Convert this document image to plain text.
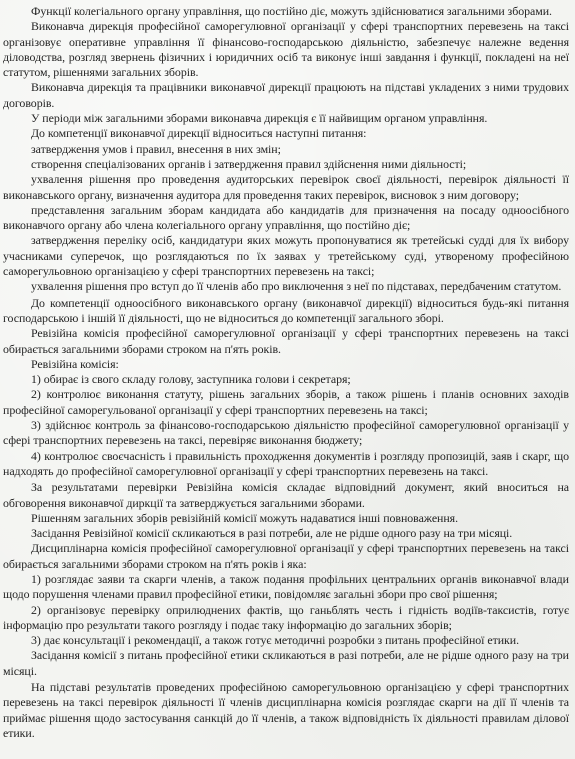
Функції колегіального органу управління, що постійно діє, можуть здійснюватися загальними зборами.

Виконавча дирекція професійної саморегулювної організації у сфері транспортних перевезень на таксі організовує оперативне управління її фінансово-господарською діяльністю, забезпечує належне ведення діловодства, розгляд звернень фізичних і юридичних осіб та виконує інші завдання і функції, покладені на неї статутом, рішеннями загальних зборів.

Виконавча дирекція та працівники виконавчої дирекції працюють на підставі укладених з ними трудових договорів.

У періоди між загальними зборами виконавча дирекція є її найвищим органом управління.

До компетенції виконавчої дирекції відноситься наступні питання:

затвердження умов і правил, внесення в них змін;

створення спеціалізованих органів і затвердження правил здійснення ними діяльності;

ухвалення рішення про проведення аудиторських перевірок своєї діяльності, перевірок діяльності її виконавського органу, визначення аудитора для проведення таких перевірок, висновок з ним договору;

представлення загальним зборам кандидата або кандидатів для призначення на посаду одноосібного виконавчого органу або члена колегіального органу управління, що постійно діє;

затвердження переліку осіб, кандидатури яких можуть пропонуватися як третейські судді для їх вибору учасниками суперечок, що розглядаються по їх заявах у третейському суді, утвореному професійною саморегульовною організацією у сфері транспортних перевезень на таксі;

ухвалення рішення про вступ до її членів або про виключення з неї по підставах, передбаченим статутом.

До компетенції одноосібного виконавського органу (виконавчої дирекції) відноситься будь-які питання господарською і іншій її діяльності, що не відноситься до компетенції загального зборі.

Ревізійна комісія професійної саморегулювної організації у сфері транспортних перевезень на таксі обирається загальними зборами строком на п'ять років.

Ревізійна комісія:

1) обирає із свого складу голову, заступника голови і секретаря;

2) контролює виконання статуту, рішень загальних зборів, а також рішень і планів основних заходів професійної саморегульованої організації у сфері транспортних перевезень на таксі;

3) здійснює контроль за фінансово-господарською діяльністю професійної саморегулювної організації у сфері транспортних перевезень на таксі, перевіряє виконання бюджету;

4) контролює своєчасність і правильність проходження документів і розгляду пропозицій, заяв і скарг, що надходять до професійної саморегулювної організації у сфері транспортних перевезень на таксі.

За результатами перевірки Ревізійна комісія складає відповідний документ, який вноситься на обговорення виконавчої диркції та затверджується загальними зборами.

Рішенням загальних зборів ревізійній комісії можуть надаватися інші повноваження.

Засідання Ревізійної комісії скликаються в разі потреби, але не рідше одного разу на три місяці.

Дисциплінарна комісія професійної саморегулювної організації у сфері транспортних перевезень на таксі обирається загальними зборами строком на п'ять років і яка:

1) розглядає заяви та скарги членів, а також подання профільних центральних органів виконавчої влади щодо порушення членами правил професійної етики, повідомляє загальні збори про свої рішення;

2) організовує перевірку оприлюднених фактів, що ганьблять честь і гідність водіїв-таксистів, готує інформацію про результати такого розгляду і подає таку інформацію до загальних зборів;

3) дає консультації і рекомендації, а також готує методичні розробки з питань професійної етики.

Засідання комісії з питань професійної етики скликаються в разі потреби, але не рідше одного разу на три місяці.

На підставі результатів проведених професійною саморегульовною організацією у сфері транспортних перевезень на таксі перевірок діяльності її членів дисциплінарна комісія розглядає скарги на дії її членів та приймає рішення щодо застосування санкцій до її членів, а також відповідність їх діяльності правилам ділової етики.
